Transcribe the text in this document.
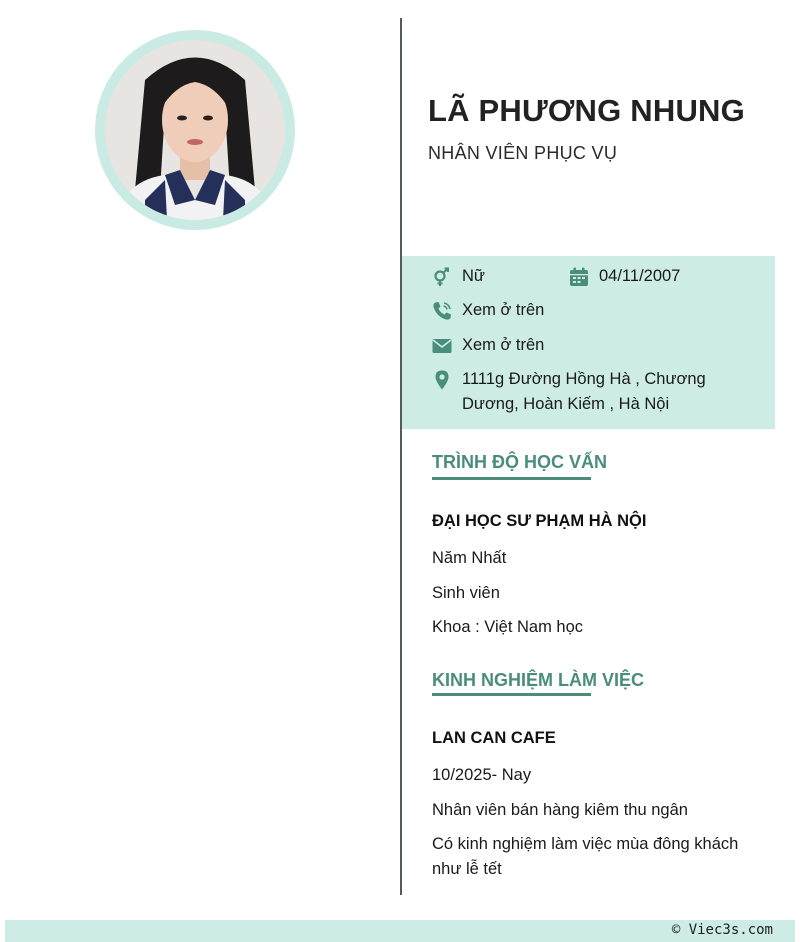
LÃ PHƯƠNG NHUNG
NHÂN VIÊN PHỤC VỤ
Nữ	04/11/2007
Xem ở trên
Xem ở trên
1111g Đường Hồng Hà , Chương Dương, Hoàn Kiếm , Hà Nội
TRÌNH ĐỘ HỌC VẤN
ĐẠI HỌC SƯ PHẠM HÀ NỘI
Năm Nhất
Sinh viên
Khoa : Việt Nam học
KINH NGHIỆM LÀM VIỆC
LAN CAN CAFE
10/2025- Nay
Nhân viên bán hàng kiêm thu ngân
Có kinh nghiệm làm việc mùa đông khách như lễ tết
© Viec3s.com
